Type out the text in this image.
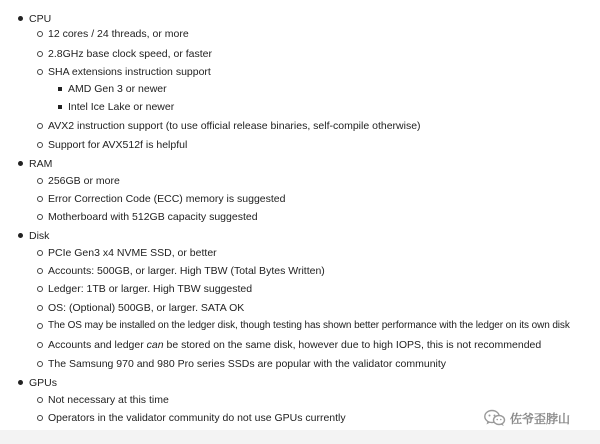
CPU
12 cores / 24 threads, or more
2.8GHz base clock speed, or faster
SHA extensions instruction support
AMD Gen 3 or newer
Intel Ice Lake or newer
AVX2 instruction support (to use official release binaries, self-compile otherwise)
Support for AVX512f is helpful
RAM
256GB or more
Error Correction Code (ECC) memory is suggested
Motherboard with 512GB capacity suggested
Disk
PCIe Gen3 x4 NVME SSD, or better
Accounts: 500GB, or larger. High TBW (Total Bytes Written)
Ledger: 1TB or larger. High TBW suggested
OS: (Optional) 500GB, or larger. SATA OK
The OS may be installed on the ledger disk, though testing has shown better performance with the ledger on its own disk
Accounts and ledger can be stored on the same disk, however due to high IOPS, this is not recommended
The Samsung 970 and 980 Pro series SSDs are popular with the validator community
GPUs
Not necessary at this time
Operators in the validator community do not use GPUs currently	佐爷歪脖山
